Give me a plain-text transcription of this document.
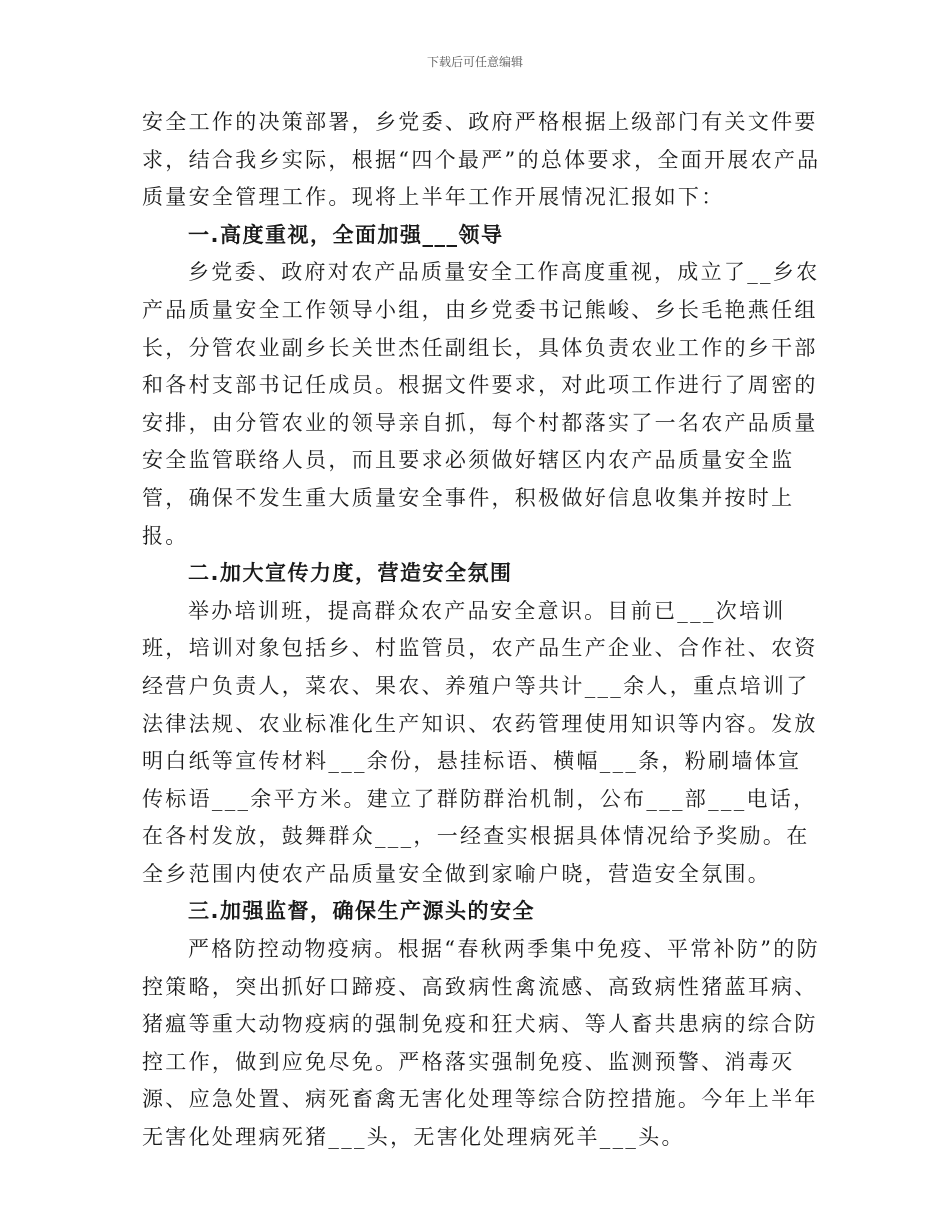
下载后可任意编辑

安全工作的决策部署，乡党委、政府严格根据上级部门有关文件要求，结合我乡实际，根据“四个最严”的总体要求，全面开展农产品质量安全管理工作。现将上半年工作开展情况汇报如下：

一.高度重视，全面加强___领导

乡党委、政府对农产品质量安全工作高度重视，成立了__乡农产品质量安全工作领导小组，由乡党委书记熊峻、乡长毛艳燕任组长，分管农业副乡长关世杰任副组长，具体负责农业工作的乡干部和各村支部书记任成员。根据文件要求，对此项工作进行了周密的安排，由分管农业的领导亲自抓，每个村都落实了一名农产品质量安全监管联络人员，而且要求必须做好辖区内农产品质量安全监管，确保不发生重大质量安全事件，积极做好信息收集并按时上报。

二.加大宣传力度，营造安全氛围

举办培训班，提高群众农产品安全意识。目前已___次培训班，培训对象包括乡、村监管员，农产品生产企业、合作社、农资经营户负责人，菜农、果农、养殖户等共计___余人，重点培训了法律法规、农业标准化生产知识、农药管理使用知识等内容。发放明白纸等宣传材料___余份，悬挂标语、横幅___条，粉刷墙体宣传标语___余平方米。建立了群防群治机制，公布___部___电话，在各村发放，鼓舞群众___，一经查实根据具体情况给予奖励。在全乡范围内使农产品质量安全做到家喻户晓，营造安全氛围。

三.加强监督，确保生产源头的安全

严格防控动物疫病。根据“春秋两季集中免疫、平常补防”的防控策略，突出抓好口蹄疫、高致病性禽流感、高致病性猪蓝耳病、猪瘟等重大动物疫病的强制免疫和狂犬病、等人畜共患病的综合防控工作，做到应免尽免。严格落实强制免疫、监测预警、消毒灭源、应急处置、病死畜禽无害化处理等综合防控措施。今年上半年无害化处理病死猪___头，无害化处理病死羊___头。
